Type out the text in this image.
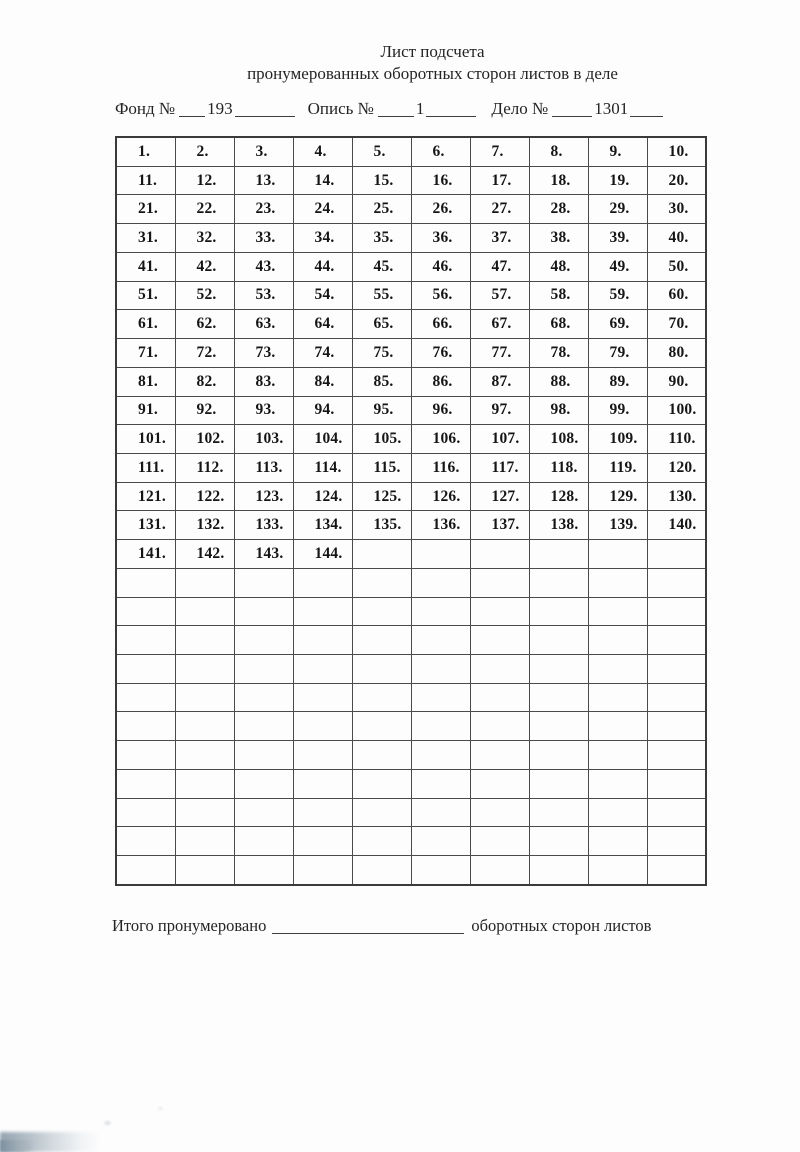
Лист подсчета
пронумерованных оборотных сторон листов в деле
Фонд № 193	Опись № 1	Дело №	1301
1.	2.	3.	4.	5.	6.	7.	8.	9.	10.
11.	12.	13.	14.	15.	16.	17.	18.	19.	20.
21.	22.	23.	24.	25.	26.	27.	28.	29.	30.
31.	32.	33.	34.	35.	36.	37.	38.	39.	40.
41.	42.	43.	44.	45.	46.	47.	48.	49.	50.
51.	52.	53.	54.	55.	56.	57.	58.	59.	60.
61.	62.	63.	64.	65.	66.	67.	68.	69.	70.
71.	72.	73.	74.	75.	76.	77.	78.	79.	80.
81.	82.	83.	84.	85.	86.	87.	88.	89.	90.
91.	92.	93.	94.	95.	96.	97.	98.	99.	100.
101.	102.	103.	104.	105.	106.	107.	108.	109.	110.
111.	112.	113.	114.	115.	116.	117.	118.	119.	120.
121.	122.	123.	124.	125.	126.	127.	128.	129.	130.
131.	132.	133.	134.	135.	136.	137.	138.	139.	140.
141.	142.	143.	144.						

Итого пронумеровано	оборотных сторон листов
